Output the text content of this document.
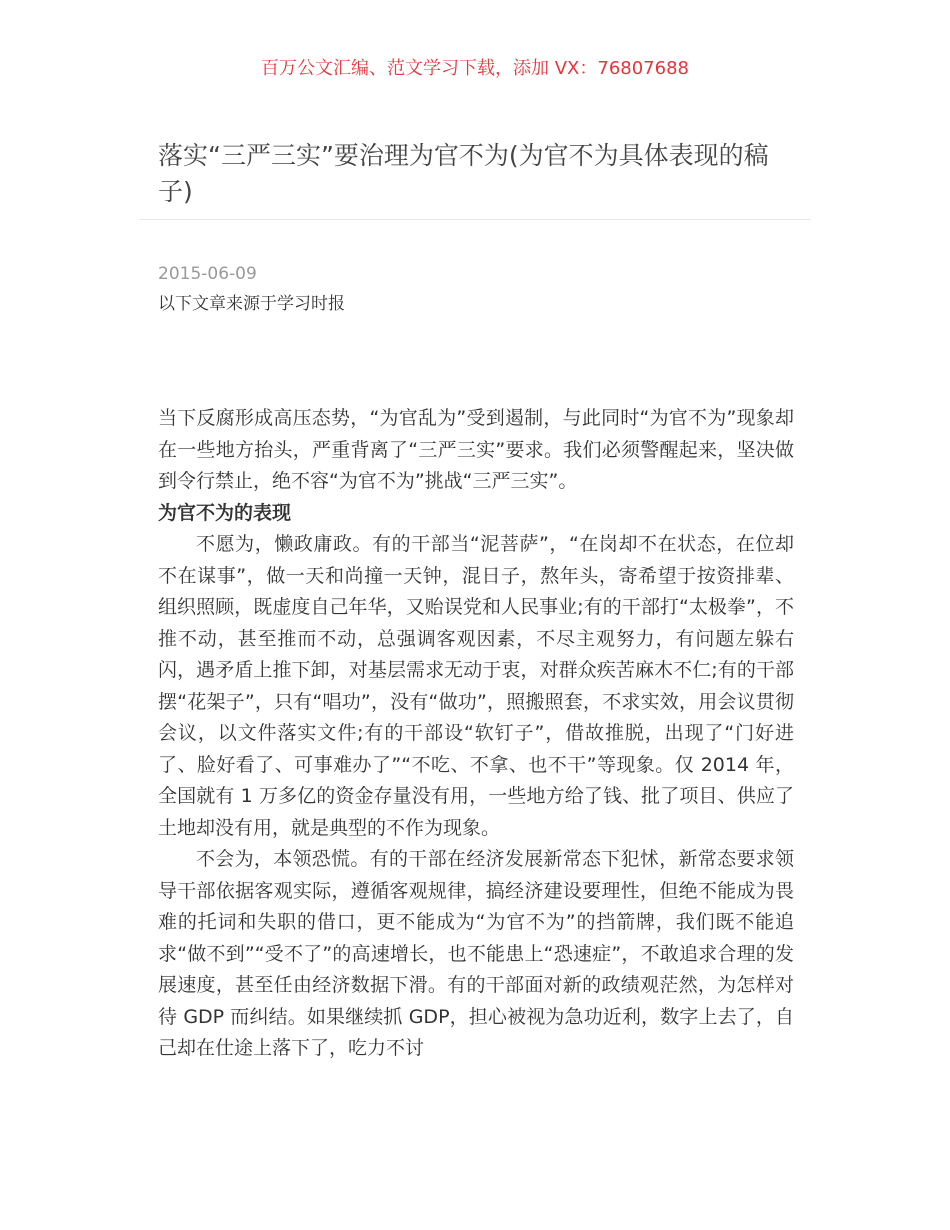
百万公文汇编、范文学习下载，添加 VX：76807688
落实“三严三实”要治理为官不为(为官不为具体表现的稿子)
2015-06-09
以下文章来源于学习时报

当下反腐形成高压态势，“为官乱为”受到遏制，与此同时“为官不为”现象却在一些地方抬头，严重背离了“三严三实”要求。我们必须警醒起来，坚决做到令行禁止，绝不容“为官不为”挑战“三严三实”。

为官不为的表现

不愿为，懒政庸政。有的干部当“泥菩萨”，“在岗却不在状态，在位却不在谋事”，做一天和尚撞一天钟，混日子，熬年头，寄希望于按资排辈、组织照顾，既虚度自己年华，又贻误党和人民事业;有的干部打“太极拳”，不推不动，甚至推而不动，总强调客观因素，不尽主观努力，有问题左躲右闪，遇矛盾上推下卸，对基层需求无动于衷，对群众疾苦麻木不仁;有的干部摆“花架子”，只有“唱功”，没有“做功”，照搬照套，不求实效，用会议贯彻会议，以文件落实文件;有的干部设“软钉子”，借故推脱，出现了“门好进了、脸好看了、可事难办了”“不吃、不拿、也不干”等现象。仅 2014 年，全国就有 1 万多亿的资金存量没有用，一些地方给了钱、批了项目、供应了土地却没有用，就是典型的不作为现象。

不会为，本领恐慌。有的干部在经济发展新常态下犯怵，新常态要求领导干部依据客观实际，遵循客观规律，搞经济建设要理性，但绝不能成为畏难的托词和失职的借口，更不能成为“为官不为”的挡箭牌，我们既不能追求“做不到”“受不了”的高速增长，也不能患上“恐速症”，不敢追求合理的发展速度，甚至任由经济数据下滑。有的干部面对新的政绩观茫然，为怎样对待 GDP 而纠结。如果继续抓 GDP，担心被视为急功近利，数字上去了，自己却在仕途上落下了，吃力不讨
